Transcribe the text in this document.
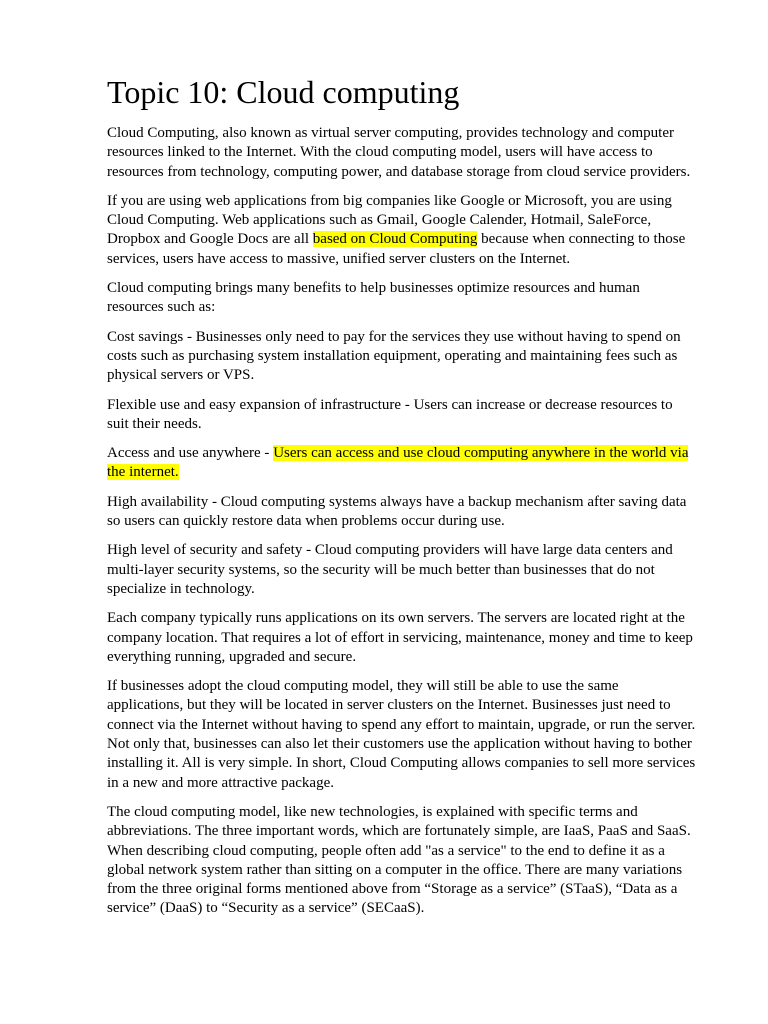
Topic 10: Cloud computing

Cloud Computing, also known as virtual server computing, provides technology and computer resources linked to the Internet. With the cloud computing model, users will have access to resources from technology, computing power, and database storage from cloud service providers.

If you are using web applications from big companies like Google or Microsoft, you are using Cloud Computing. Web applications such as Gmail, Google Calender, Hotmail, SaleForce, Dropbox and Google Docs are all based on Cloud Computing because when connecting to those services, users have access to massive, unified server clusters on the Internet.

Cloud computing brings many benefits to help businesses optimize resources and human resources such as:

Cost savings - Businesses only need to pay for the services they use without having to spend on costs such as purchasing system installation equipment, operating and maintaining fees such as physical servers or VPS.

Flexible use and easy expansion of infrastructure - Users can increase or decrease resources to suit their needs.

Access and use anywhere - Users can access and use cloud computing anywhere in the world via the internet.

High availability - Cloud computing systems always have a backup mechanism after saving data so users can quickly restore data when problems occur during use.

High level of security and safety - Cloud computing providers will have large data centers and multi-layer security systems, so the security will be much better than businesses that do not specialize in technology.

Each company typically runs applications on its own servers. The servers are located right at the company location. That requires a lot of effort in servicing, maintenance, money and time to keep everything running, upgraded and secure.

If businesses adopt the cloud computing model, they will still be able to use the same applications, but they will be located in server clusters on the Internet. Businesses just need to connect via the Internet without having to spend any effort to maintain, upgrade, or run the server. Not only that, businesses can also let their customers use the application without having to bother installing it. All is very simple. In short, Cloud Computing allows companies to sell more services in a new and more attractive package.

The cloud computing model, like new technologies, is explained with specific terms and abbreviations. The three important words, which are fortunately simple, are IaaS, PaaS and SaaS. When describing cloud computing, people often add "as a service" to the end to define it as a global network system rather than sitting on a computer in the office. There are many variations from the three original forms mentioned above from “Storage as a service” (STaaS), “Data as a service” (DaaS) to “Security as a service” (SECaaS).
